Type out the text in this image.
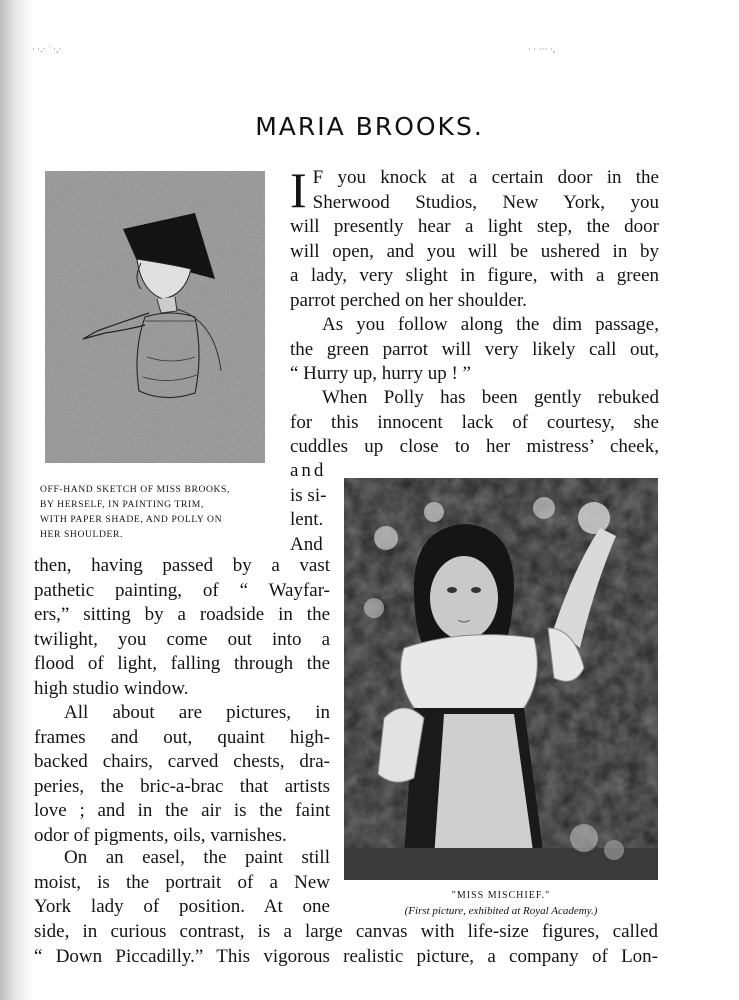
· ·.· ˈ ·,·	· · ··· ·,
MARIA BROOKS.
OFF-HAND SKETCH OF MISS BROOKS,
BY HERSELF, IN PAINTING TRIM,
WITH PAPER SHADE, AND POLLY ON
HER SHOULDER.
I F you knock at a certain door in the
Sherwood Studios, New York, you
will presently hear a light step, the door
will open, and you will be ushered in by
a lady, very slight in figure, with a green
parrot perched on her shoulder.
As you follow along the dim passage,
the green parrot will very likely call out,
“ Hurry up, hurry up ! ”
When Polly has been gently rebuked
for this innocent lack of courtesy, she
cuddles up close to her mistress’ cheek,
and
is si-
lent.
And
"MISS MISCHIEF."
(First picture, exhibited at Royal Academy.)
then, having passed by a vast
pathetic painting, of “ Wayfar-
ers,” sitting by a roadside in the
twilight, you come out into a
flood of light, falling through the
high studio window.
All about are pictures, in
frames and out, quaint high-
backed chairs, carved chests, dra-
peries, the bric-a-brac that artists
love ; and in the air is the faint
odor of pigments, oils, varnishes.
On an easel, the paint still
moist, is the portrait of a New
York lady of position. At one
side, in curious contrast, is a large canvas with life-size figures, called
“ Down Piccadilly.” This vigorous realistic picture, a company of Lon-
